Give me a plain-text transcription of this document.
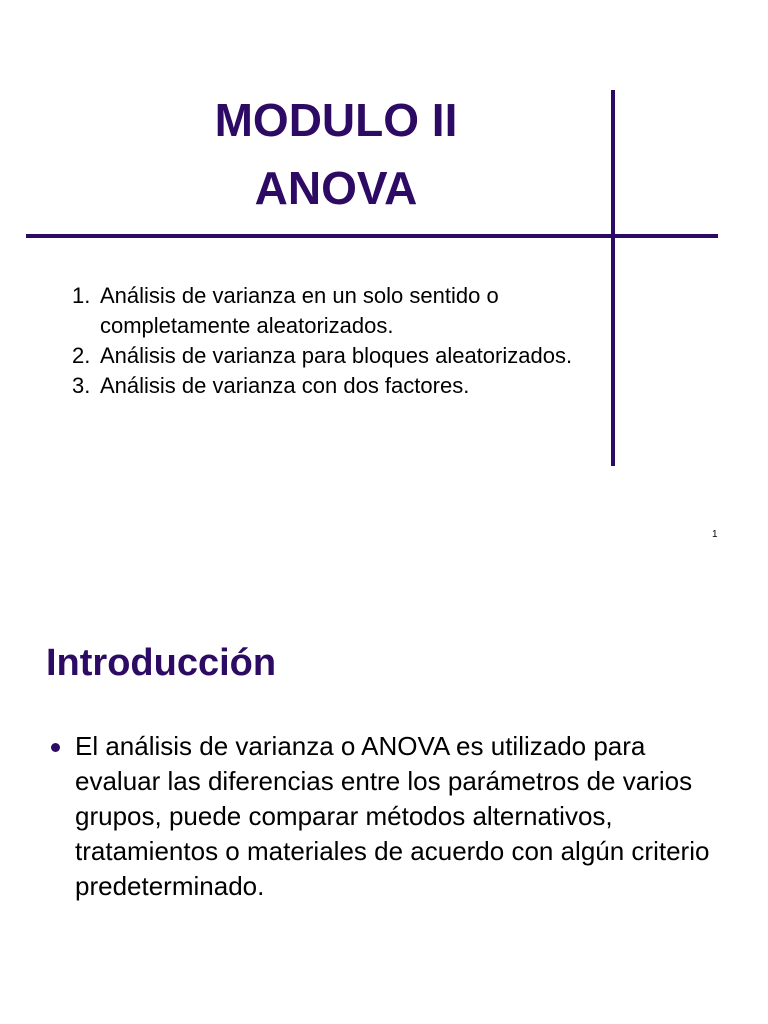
MODULO II
ANOVA
1. Análisis de varianza en un solo sentido o completamente aleatorizados.
2. Análisis de varianza para bloques aleatorizados.
3. Análisis de varianza con dos factores.
1
Introducción
El análisis de varianza o ANOVA es utilizado para evaluar las diferencias entre los parámetros de varios grupos, puede comparar métodos alternativos, tratamientos o materiales de acuerdo con algún criterio predeterminado.
